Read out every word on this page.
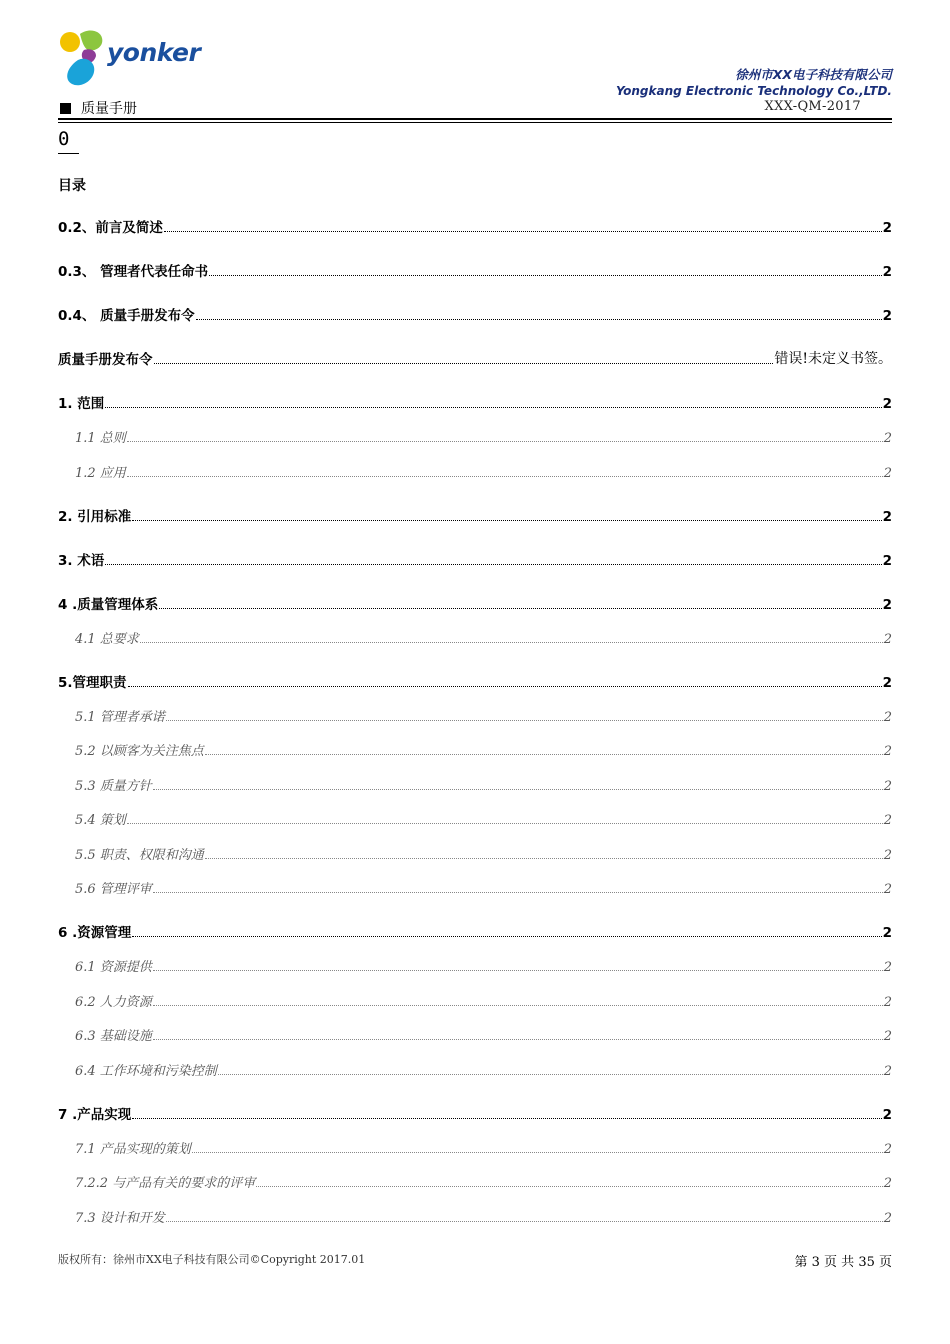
yonker
徐州市XX电子科技有限公司
Yongkang Electronic Technology Co.,LTD.
质量手册	XXX-QM-2017
0
目录
0.2、前言及简述	2
0.3、 管理者代表任命书	2
0.4、 质量手册发布令	2
质量手册发布令	错误!未定义书签。
1. 范围	2
1.1 总则	2
1.2 应用	2
2. 引用标准	2
3. 术语	2
4 .质量管理体系	2
4.1 总要求	2
5.管理职责	2
5.1 管理者承诺	2
5.2 以顾客为关注焦点	2
5.3 质量方针	2
5.4 策划	2
5.5 职责、权限和沟通	2
5.6 管理评审	2
6 .资源管理	2
6.1 资源提供	2
6.2 人力资源	2
6.3 基础设施	2
6.4 工作环境和污染控制	2
7 .产品实现	2
7.1 产品实现的策划	2
7.2.2 与产品有关的要求的评审	2
7.3 设计和开发	2
版权所有：徐州市XX电子科技有限公司©Copyright 2017.01	第 3 页 共 35 页
